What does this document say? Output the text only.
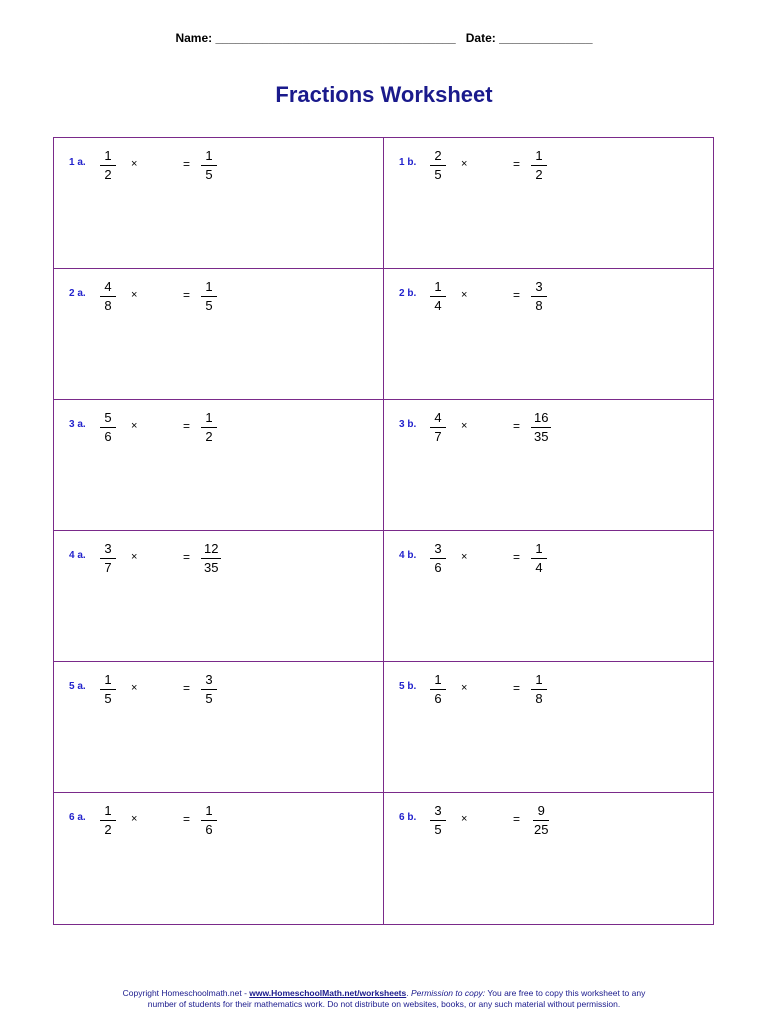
Name: ____________________________________ Date: ______________
Fractions Worksheet
1 a. $\frac{1}{2}$ ×	= $\frac{1}{5}$	1 b. $\frac{2}{5}$ ×	= $\frac{1}{2}$
2 a. $\frac{4}{8}$ ×	= $\frac{1}{5}$	2 b. $\frac{1}{4}$ ×	= $\frac{3}{8}$
3 a. $\frac{5}{6}$ ×	= $\frac{1}{2}$	3 b. $\frac{4}{7}$ ×	= $\frac{16}{35}$
4 a. $\frac{3}{7}$ ×	= $\frac{12}{35}$	4 b. $\frac{3}{6}$ ×	= $\frac{1}{4}$
5 a. $\frac{1}{5}$ ×	= $\frac{3}{5}$	5 b. $\frac{1}{6}$ ×	= $\frac{1}{8}$
6 a. $\frac{1}{2}$ ×	= $\frac{1}{6}$	6 b. $\frac{3}{5}$ ×	= $\frac{9}{25}$
Copyright Homeschoolmath.net - www.HomeschoolMath.net/worksheets. Permission to copy: You are free to copy this worksheet to any
number of students for their mathematics work. Do not distribute on websites, books, or any such material without permission.
